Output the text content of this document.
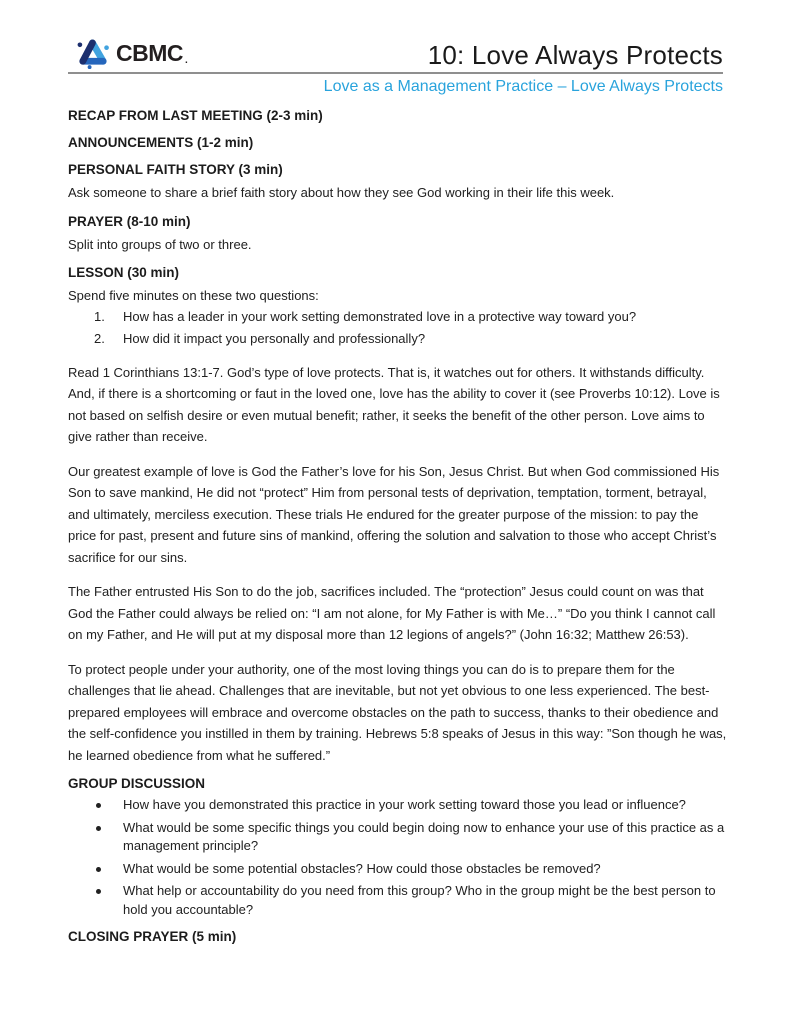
CBMC .	10: Love Always Protects
Love as a Management Practice – Love Always Protects
RECAP FROM LAST MEETING (2-3 min)
ANNOUNCEMENTS (1-2 min)
PERSONAL FAITH STORY (3 min)

Ask someone to share a brief faith story about how they see God working in their life this week.

PRAYER (8-10 min)

Split into groups of two or three.

LESSON (30 min)

Spend five minutes on these two questions:

1.	How has a leader in your work setting demonstrated love in a protective way toward you?
2.	How did it impact you personally and professionally?

Read 1 Corinthians 13:1-7. God’s type of love protects. That is, it watches out for others. It withstands difficulty. And, if there is a shortcoming or faut in the loved one, love has the ability to cover it (see Proverbs 10:12). Love is not based on selfish desire or even mutual benefit; rather, it seeks the benefit of the other person. Love aims to give rather than receive.

Our greatest example of love is God the Father’s love for his Son, Jesus Christ. But when God commissioned His Son to save mankind, He did not “protect” Him from personal tests of deprivation, temptation, torment, betrayal, and ultimately, merciless execution. These trials He endured for the greater purpose of the mission: to pay the price for past, present and future sins of mankind, offering the solution and salvation to those who accept Christ’s sacrifice for our sins.

The Father entrusted His Son to do the job, sacrifices included. The “protection” Jesus could count on was that God the Father could always be relied on: “I am not alone, for My Father is with Me…” “Do you think I cannot call on my Father, and He will put at my disposal more than 12 legions of angels?” (John 16:32; Matthew 26:53).

To protect people under your authority, one of the most loving things you can do is to prepare them for the challenges that lie ahead. Challenges that are inevitable, but not yet obvious to one less experienced. The best-prepared employees will embrace and overcome obstacles on the path to success, thanks to their obedience and the self-confidence you instilled in them by training. Hebrews 5:8 speaks of Jesus in this way: ”Son though he was, he learned obedience from what he suffered.”

GROUP DISCUSSION
How have you demonstrated this practice in your work setting toward those you lead or influence?
What would be some specific things you could begin doing now to enhance your use of this practice as a management principle?
What would be some potential obstacles? How could those obstacles be removed?
What help or accountability do you need from this group? Who in the group might be the best person to hold you accountable?
CLOSING PRAYER (5 min)
